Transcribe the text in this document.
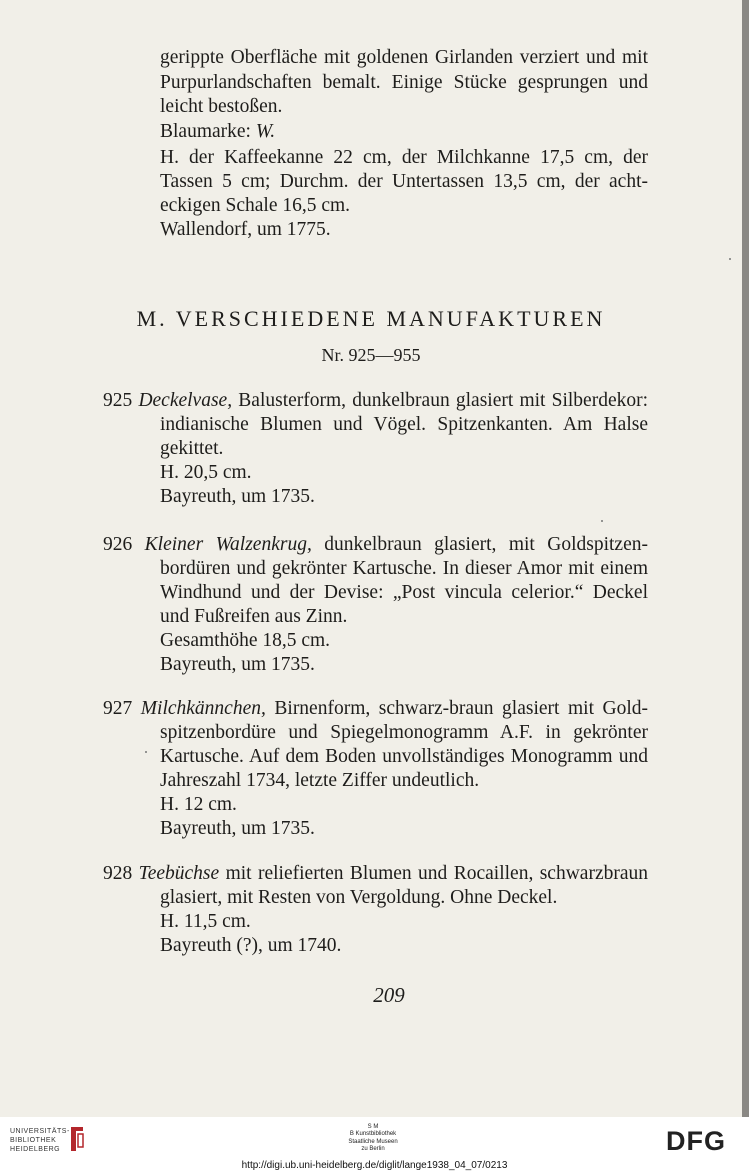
gerippte Oberfläche mit goldenen Girlanden verziert und mit
Purpurlandschaften bemalt. Einige Stücke gesprungen und
leicht bestoßen.
Blaumarke: W.
H. der Kaffeekanne 22 cm, der Milchkanne 17,5 cm, der
Tassen 5 cm; Durchm. der Untertassen 13,5 cm, der acht-
eckigen Schale 16,5 cm.
Wallendorf, um 1775.
M. VERSCHIEDENE MANUFAKTUREN
Nr. 925—955
925 Deckelvase, Balusterform, dunkelbraun glasiert mit Silberdekor:
indianische Blumen und Vögel. Spitzenkanten. Am Halse
gekittet.
H. 20,5 cm.
Bayreuth, um 1735.
926 Kleiner Walzenkrug, dunkelbraun glasiert, mit Goldspitzen-
bordüren und gekrönter Kartusche. In dieser Amor mit einem
Windhund und der Devise: „Post vincula celerior.“ Deckel
und Fußreifen aus Zinn.
Gesamthöhe 18,5 cm.
Bayreuth, um 1735.
927 Milchkännchen, Birnenform, schwarz-braun glasiert mit Gold-
spitzenbordüre und Spiegelmonogramm A.F. in gekrönter
Kartusche. Auf dem Boden unvollständiges Monogramm und
Jahreszahl 1734, letzte Ziffer undeutlich.
H. 12 cm.
Bayreuth, um 1735.
928 Teebüchse mit reliefierten Blumen und Rocaillen, schwarzbraun
glasiert, mit Resten von Vergoldung. Ohne Deckel.
H. 11,5 cm.
Bayreuth (?), um 1740.
209
UNIVERSITÄTS-
BIBLIOTHEK
HEIDELBERG
S M
B Kunstbibliothek
Staatliche Museen
zu Berlin	DFG
http://digi.ub.uni-heidelberg.de/diglit/lange1938_04_07/0213
